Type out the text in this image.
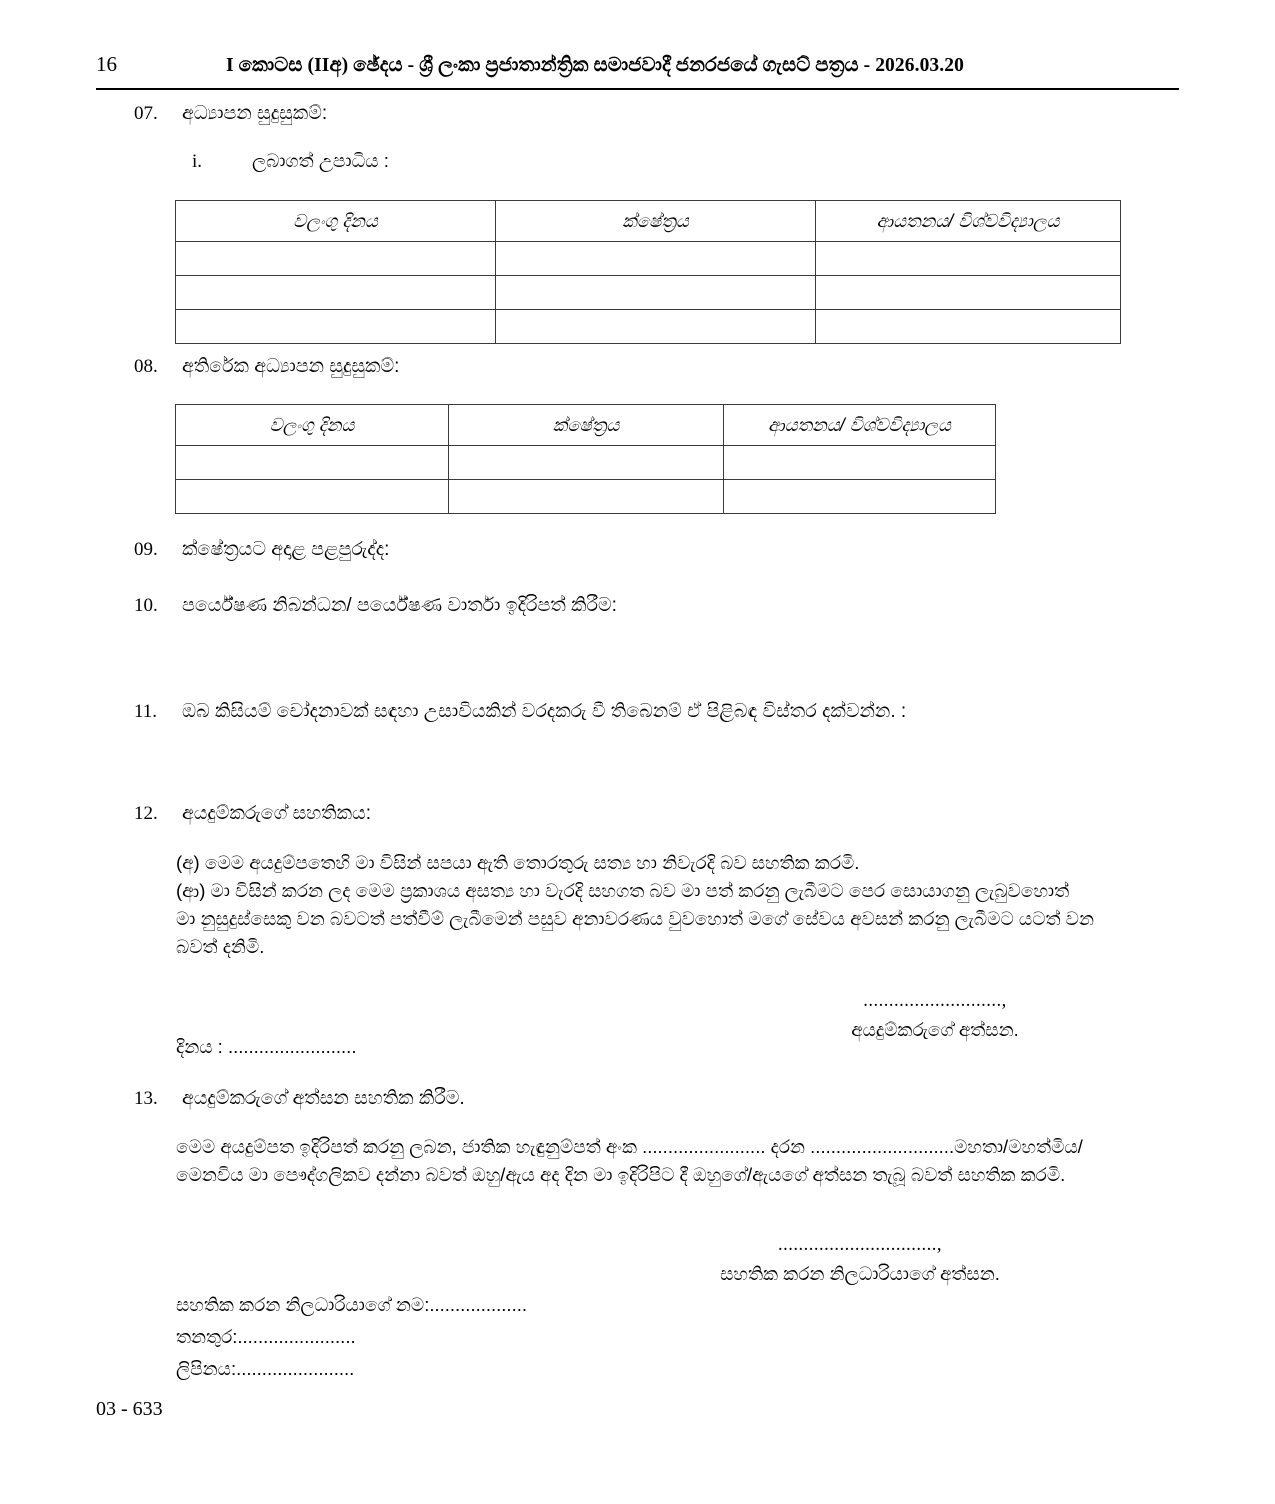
16	I කොටස (IIඅ) ඡේදය - ශ්‍රී ලංකා ප්‍රජාතාන්ත්‍රික සමාජවාදී ජනරජයේ ගැසට් පත්‍රය - 2026.03.20
07.	අධ්‍යාපන සුදුසුකම්:
i.	ලබාගත් උපාධිය :
වලංගු දිනය	ක්ෂේත්‍රය	ආයතනය/ විශ්වවිද්‍යාලය

08.	අතිරේක අධ්‍යාපන සුදුසුකම්:
වලංගු දිනය	ක්ෂේත්‍රය	ආයතනය/ විශ්වවිද්‍යාලය

09.	ක්ෂේත්‍රයට අදාළ පළපුරුද්ද:
10.	පර්යේෂණ නිබන්ධන/ පර්යේෂණ වාර්තා ඉදිරිපත් කිරීම:
11.	ඔබ කිසියම් චෝදනාවක් සඳහා උසාවියකින් වරදකරු වී තිබෙනම් ඒ පිළිබඳ විස්තර දක්වන්න. :
12.	අයදුම්කරුගේ සහතිකය:
(අ) මෙම අයදුම්පතෙහි මා විසින් සපයා ඇති තොරතුරු සත්‍ය හා නිවැරදි බව සහතික කරමි.
(ආ) මා විසින් කරන ලද මෙම ප්‍රකාශය අසත්‍ය හා වැරදි සහගත බව මා පත් කරනු ලැබීමට පෙර සොයාගනු ලැබුවහොත්
මා නුසුදුස්සෙකු වන බවටත් පත්වීම් ලැබීමෙන් පසුව අනාවරණය වුවහොත් මගේ සේවය අවසන් කරනු ලැබීමට යටත් වන
බවත් දනිමි.
...........................,
අයදුම්කරුගේ අත්සන.
දිනය : .........................
13.	අයදුම්කරුගේ අත්සන සහතික කිරීම.
මෙම අයදුම්පත ඉදිරිපත් කරනු ලබන, ජාතික හැඳුනුම්පත් අංක ........................ දරන ............................මහතා/මහත්මිය/
මෙනවිය මා පෞද්ගලිකව දන්නා බවත් ඔහු/ඇය අද දින මා ඉදිරිපිට දී ඔහුගේ/ඇයගේ අත්සන තැබූ බවත් සහතික කරමි.
...............................,
සහතික කරන නිලධාරියාගේ අත්සන.
සහතික කරන නිලධාරියාගේ නම:...................
තනතුර:.......................
ලිපිනය:.......................
03 - 633
